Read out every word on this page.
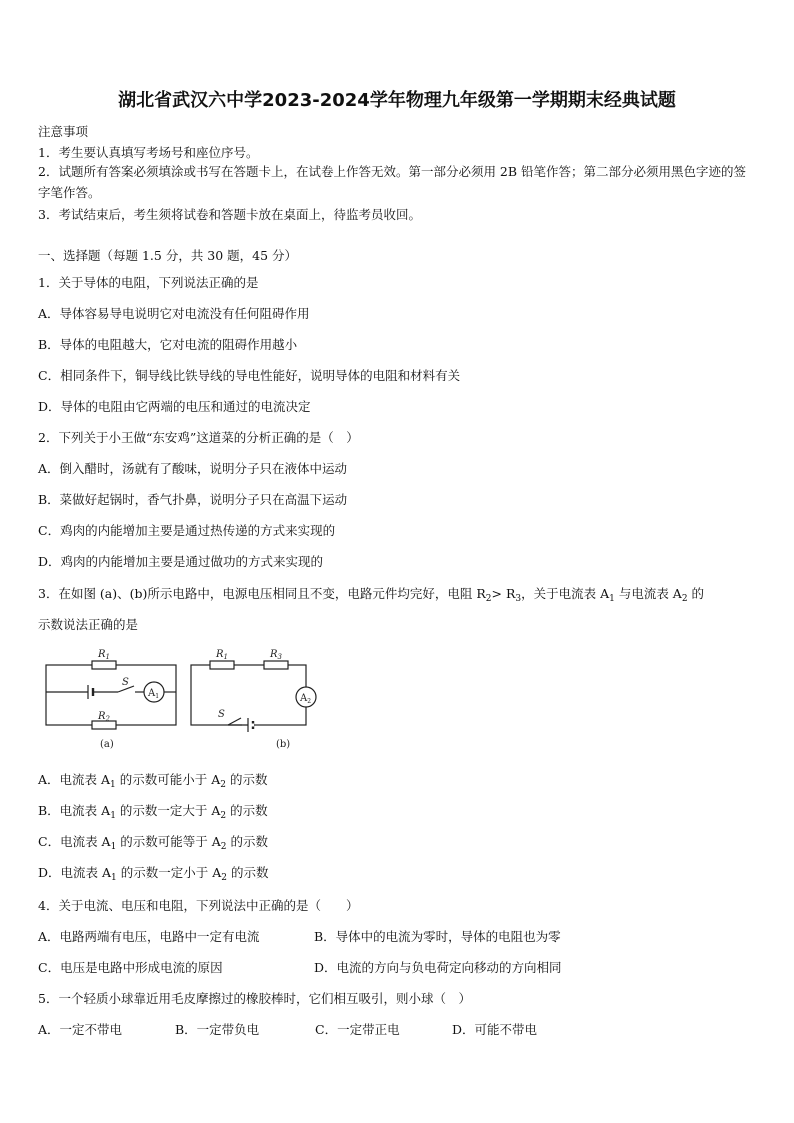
湖北省武汉六中学2023-2024学年物理九年级第一学期期末经典试题
注意事项
1．考生要认真填写考场号和座位序号。
2．试题所有答案必须填涂或书写在答题卡上，在试卷上作答无效。第一部分必须用 2B 铅笔作答；第二部分必须用黑色字迹的签字笔作答。
3．考试结束后，考生须将试卷和答题卡放在桌面上，待监考员收回。
一、选择题（每题 1.5 分，共 30 题，45 分）
1．关于导体的电阻，下列说法正确的是
A．导体容易导电说明它对电流没有任何阻碍作用
B．导体的电阻越大，它对电流的阻碍作用越小
C．相同条件下，铜导线比铁导线的导电性能好，说明导体的电阻和材料有关
D．导体的电阻由它两端的电压和通过的电流决定
2．下列关于小王做“东安鸡”这道菜的分析正确的是（　）
A．倒入醋时，汤就有了酸味，说明分子只在液体中运动
B．菜做好起锅时，香气扑鼻，说明分子只在高温下运动
C．鸡肉的内能增加主要是通过热传递的方式来实现的
D．鸡肉的内能增加主要是通过做功的方式来实现的
3．在如图 (a)、(b)所示电路中，电源电压相同且不变，电路元件均完好，电阻 $R_2> R_3$，关于电流表 $A_1$ 与电流表 $A_2$ 的
示数说法正确的是
$R_1$
$R_2$
S
$A_1$
$R_1$	$R_3$
$A_2$
S
(a)	(b)
A．电流表 $A_1$ 的示数可能小于 $A_2$ 的示数
B．电流表 $A_1$ 的示数一定大于 $A_2$ 的示数
C．电流表 $A_1$ 的示数可能等于 $A_2$ 的示数
D．电流表 $A_1$ 的示数一定小于 $A_2$ 的示数
4．关于电流、电压和电阻，下列说法中正确的是（　　）
A．电路两端有电压，电路中一定有电流	B．导体中的电流为零时，导体的电阻也为零
C．电压是电路中形成电流的原因	D．电流的方向与负电荷定向移动的方向相同
5．一个轻质小球靠近用毛皮摩擦过的橡胶棒时，它们相互吸引，则小球（　）
A．一定不带电	B．一定带负电	C．一定带正电	D．可能不带电
